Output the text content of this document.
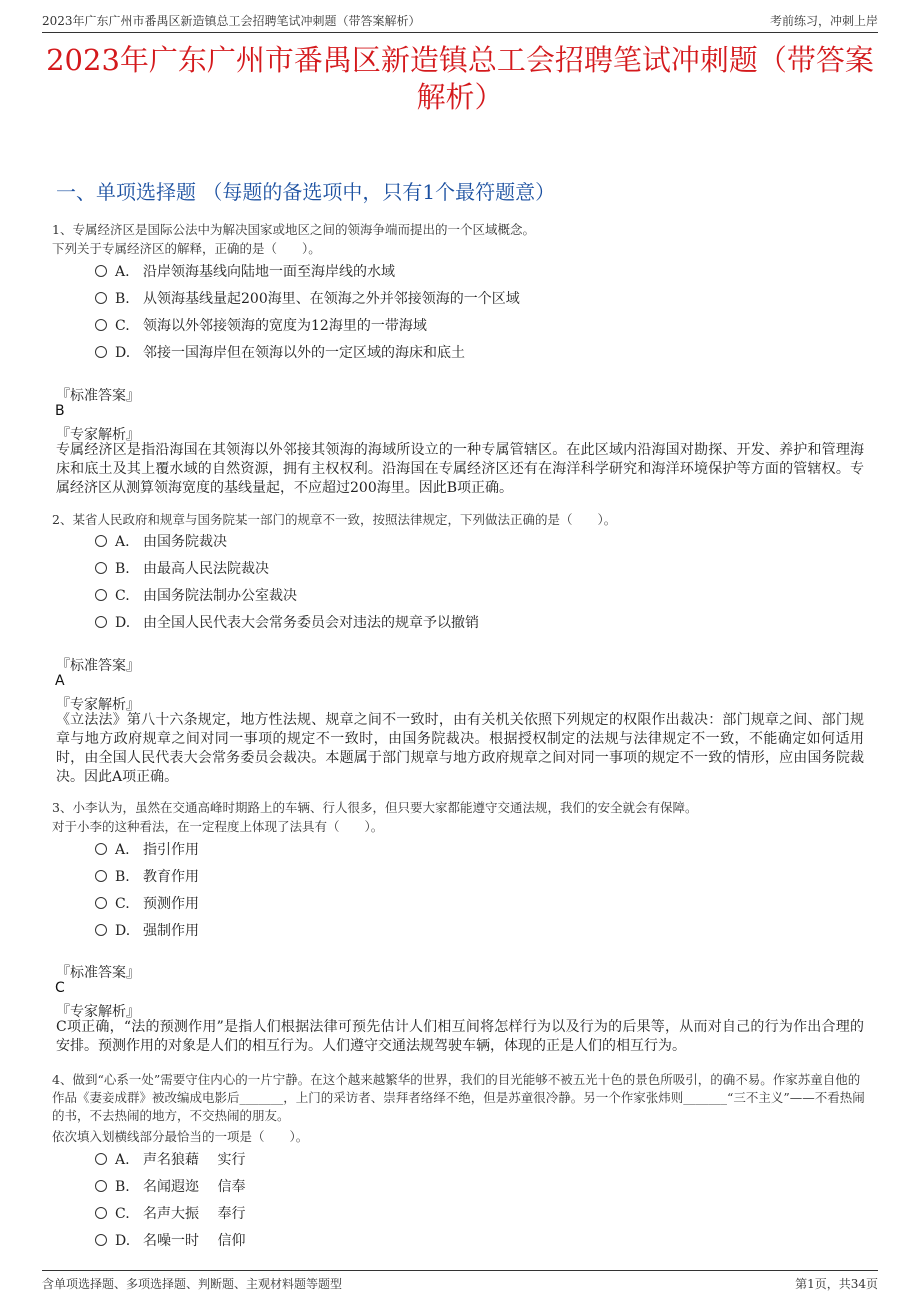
2023年广东广州市番禺区新造镇总工会招聘笔试冲刺题（带答案解析）	考前练习，冲刺上岸
2023年广东广州市番禺区新造镇总工会招聘笔试冲刺题（带答案解析）
一、单项选择题 （每题的备选项中，只有1个最符题意）
1、专属经济区是国际公法中为解决国家或地区之间的领海争端而提出的一个区域概念。
下列关于专属经济区的解释，正确的是（　　）。
A. 沿岸领海基线向陆地一面至海岸线的水域
B. 从领海基线量起200海里、在领海之外并邻接领海的一个区域
C. 领海以外邻接领海的宽度为12海里的一带海域
D. 邻接一国海岸但在领海以外的一定区域的海床和底土
『标准答案』
B
『专家解析』
专属经济区是指沿海国在其领海以外邻接其领海的海域所设立的一种专属管辖区。在此区域内沿海国对勘探、开发、养护和管理海床和底土及其上覆水域的自然资源，拥有主权权利。沿海国在专属经济区还有在海洋科学研究和海洋环境保护等方面的管辖权。专属经济区从测算领海宽度的基线量起，不应超过200海里。因此B项正确。
2、某省人民政府和规章与国务院某一部门的规章不一致，按照法律规定，下列做法正确的是（　　）。
A. 由国务院裁决
B. 由最高人民法院裁决
C. 由国务院法制办公室裁决
D. 由全国人民代表大会常务委员会对违法的规章予以撤销
『标准答案』
A
『专家解析』
《立法法》第八十六条规定，地方性法规、规章之间不一致时，由有关机关依照下列规定的权限作出裁决：部门规章之间、部门规章与地方政府规章之间对同一事项的规定不一致时，由国务院裁决。根据授权制定的法规与法律规定不一致，不能确定如何适用时，由全国人民代表大会常务委员会裁决。本题属于部门规章与地方政府规章之间对同一事项的规定不一致的情形，应由国务院裁决。因此A项正确。
3、小李认为，虽然在交通高峰时期路上的车辆、行人很多，但只要大家都能遵守交通法规，我们的安全就会有保障。
对于小李的这种看法，在一定程度上体现了法具有（　　）。
A. 指引作用
B. 教育作用
C. 预测作用
D. 强制作用
『标准答案』
C
『专家解析』
C项正确，“法的预测作用”是指人们根据法律可预先估计人们相互间将怎样行为以及行为的后果等，从而对自己的行为作出合理的安排。预测作用的对象是人们的相互行为。人们遵守交通法规驾驶车辆，体现的正是人们的相互行为。
4、做到“心系一处”需要守住内心的一片宁静。在这个越来越繁华的世界，我们的目光能够不被五光十色的景色所吸引，的确不易。作家苏童自他的作品《妻妾成群》被改编成电影后_______，上门的采访者、崇拜者络绎不绝，但是苏童很冷静。另一个作家张炜则_______“三不主义”——不看热闹的书，不去热闹的地方，不交热闹的朋友。
依次填入划横线部分最恰当的一项是（　　）。
A. 声名狼藉　 实行
B. 名闻遐迩　 信奉
C. 名声大振　 奉行
D. 名噪一时　 信仰
含单项选择题、多项选择题、判断题、主观材料题等题型	第1页，共34页
